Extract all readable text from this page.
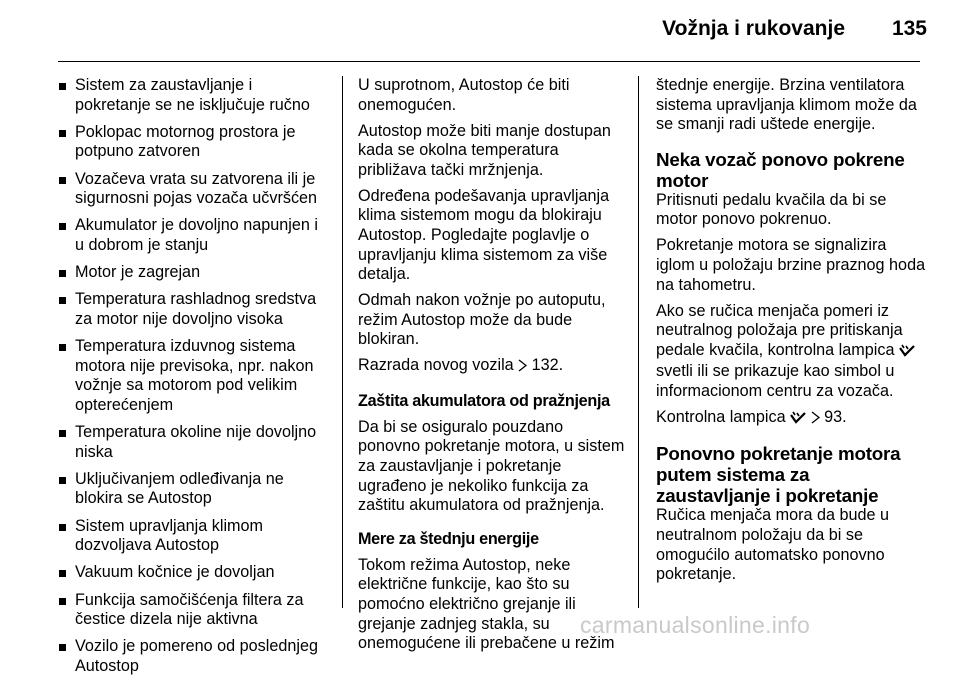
Vožnja i rukovanje 135
Sistem za zaustavljanje i pokretanje se ne isključuje ručno
Poklopac motornog prostora je potpuno zatvoren
Vozačeva vrata su zatvorena ili je sigurnosni pojas vozača učvršćen
Akumulator je dovoljno napunjen i u dobrom je stanju
Motor je zagrejan
Temperatura rashladnog sredstva za motor nije dovoljno visoka
Temperatura izduvnog sistema motora nije previsoka, npr. nakon vožnje sa motorom pod velikim opterećenjem
Temperatura okoline nije dovoljno niska
Uključivanjem odleđivanja ne blokira se Autostop
Sistem upravljanja klimom dozvoljava Autostop
Vakuum kočnice je dovoljan
Funkcija samočišćenja filtera za čestice dizela nije aktivna
Vozilo je pomereno od poslednjeg Autostop

U suprotnom, Autostop će biti onemogućen.

Autostop može biti manje dostupan kada se okolna temperatura približava tački mržnjenja.

Određena podešavanja upravljanja klima sistemom mogu da blokiraju Autostop. Pogledajte poglavlje o upravljanju klima sistemom za više detalja.

Odmah nakon vožnje po autoputu, režim Autostop može da bude blokiran.

Razrada novog vozila 132.

Zaštita akumulatora od pražnjenja

Da bi se osiguralo pouzdano ponovno pokretanje motora, u sistem za zaustavljanje i pokretanje ugrađeno je nekoliko funkcija za zaštitu akumulatora od pražnjenja.

Mere za štednju energije

Tokom režima Autostop, neke električne funkcije, kao što su pomoćno električno grejanje ili grejanje zadnjeg stakla, su onemogućene ili prebačene u režim

štednje energije. Brzina ventilatora sistema upravljanja klimom može da se smanji radi uštede energije.

Neka vozač ponovo pokrene motor

Pritisnuti pedalu kvačila da bi se motor ponovo pokrenuo.

Pokretanje motora se signalizira iglom u položaju brzine praznog hoda na tahometru.

Ako se ručica menjača pomeri iz neutralnog položaja pre pritiskanja pedale kvačila, kontrolna lampica  svetli ili se prikazuje kao simbol u informacionom centru za vozača.

Kontrolna lampica 93.

Ponovno pokretanje motora putem sistema za zaustavljanje i pokretanje

Ručica menjača mora da bude u neutralnom položaju da bi se omogućilo automatsko ponovno pokretanje.

carmanualsonline.info
